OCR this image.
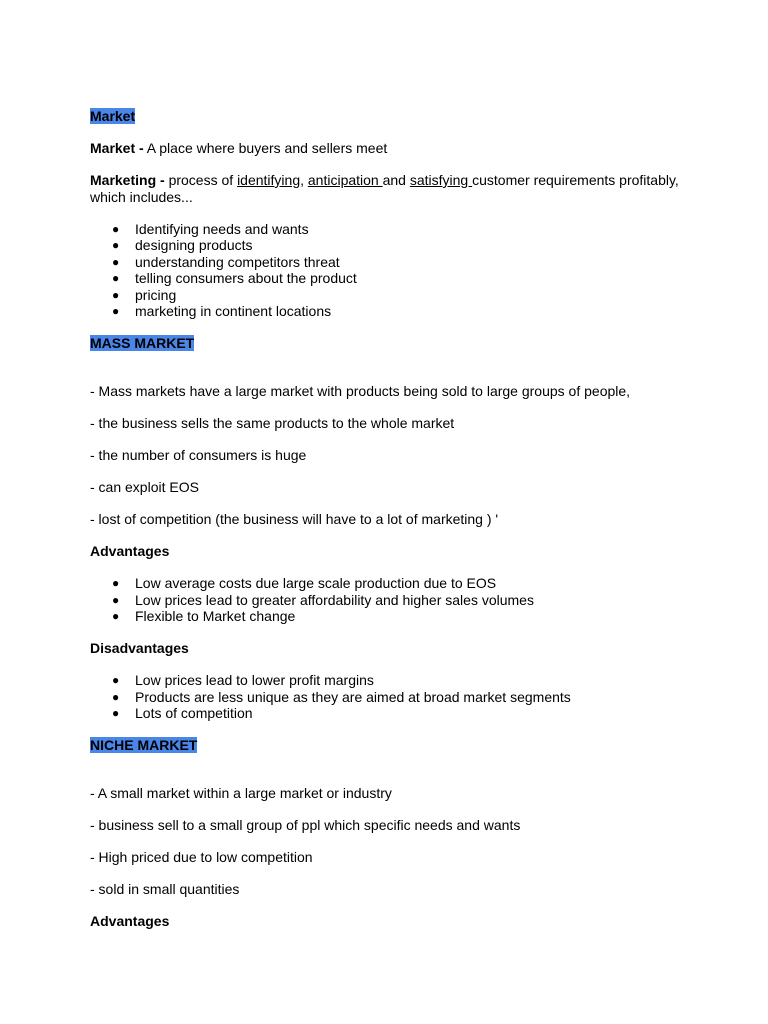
Market

Market - A place where buyers and sellers meet

Marketing - process of identifying, anticipation and satisfying customer requirements profitably, which includes...

● Identifying needs and wants
● designing products
● understanding competitors threat
● telling consumers about the product
● pricing
● marketing in continent locations

MASS MARKET

- Mass markets have a large market with products being sold to large groups of people,

- the business sells the same products to the whole market

- the number of consumers is huge

- can exploit EOS

- lost of competition (the business will have to a lot of marketing ) '

Advantages

● Low average costs due large scale production due to EOS
● Low prices lead to greater affordability and higher sales volumes
● Flexible to Market change

Disadvantages

● Low prices lead to lower profit margins
● Products are less unique as they are aimed at broad market segments
● Lots of competition

NICHE MARKET

- A small market within a large market or industry

- business sell to a small group of ppl which specific needs and wants

- High priced due to low competition

- sold in small quantities

Advantages
